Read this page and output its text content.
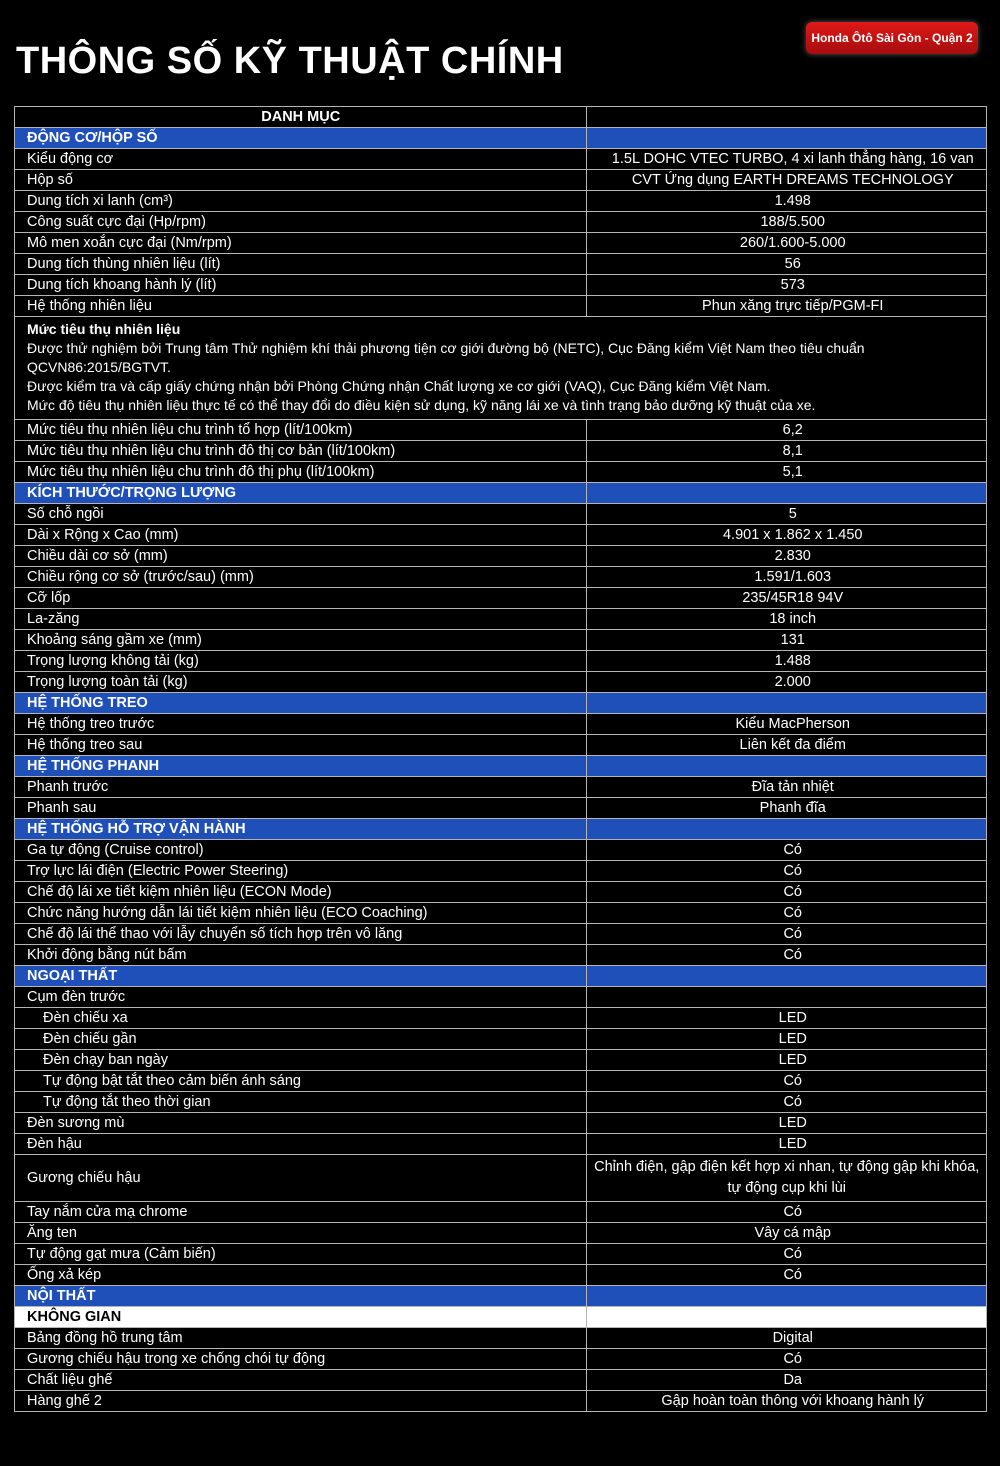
THÔNG SỐ KỸ THUẬT CHÍNH
Honda Ôtô Sài Gòn - Quận 2
DANH MỤC	
ĐỘNG CƠ/HỘP SỐ	
Kiểu động cơ	1.5L DOHC VTEC TURBO, 4 xi lanh thẳng hàng, 16 van
Hộp số	CVT Ứng dụng EARTH DREAMS TECHNOLOGY
Dung tích xi lanh (cm³)	1.498
Công suất cực đại (Hp/rpm)	188/5.500
Mô men xoắn cực đại (Nm/rpm)	260/1.600-5.000
Dung tích thùng nhiên liệu (lít)	56
Dung tích khoang hành lý (lít)	573
Hệ thống nhiên liệu	Phun xăng trực tiếp/PGM-FI

Mức tiêu thụ nhiên liệu
Được thử nghiệm bởi Trung tâm Thử nghiệm khí thải phương tiện cơ giới đường bộ (NETC), Cục Đăng kiểm Việt Nam theo tiêu chuẩn QCVN86:2015/BGTVT.
Được kiểm tra và cấp giấy chứng nhận bởi Phòng Chứng nhận Chất lượng xe cơ giới (VAQ), Cục Đăng kiểm Việt Nam.
Mức độ tiêu thụ nhiên liệu thực tế có thể thay đổi do điều kiện sử dụng, kỹ năng lái xe và tình trạng bảo dưỡng kỹ thuật của xe.	

Mức tiêu thụ nhiên liệu chu trình tổ hợp (lít/100km)	6,2
Mức tiêu thụ nhiên liệu chu trình đô thị cơ bản (lít/100km)	8,1
Mức tiêu thụ nhiên liệu chu trình đô thị phụ (lít/100km)	5,1
KÍCH THƯỚC/TRỌNG LƯỢNG	
Số chỗ ngồi	5
Dài x Rộng x Cao (mm)	4.901 x 1.862 x 1.450
Chiều dài cơ sở (mm)	2.830
Chiều rộng cơ sở (trước/sau) (mm)	1.591/1.603
Cỡ lốp	235/45R18 94V
La-zăng	18 inch
Khoảng sáng gầm xe (mm)	131
Trọng lượng không tải (kg)	1.488
Trọng lượng toàn tải (kg)	2.000
HỆ THỐNG TREO	
Hệ thống treo trước	Kiểu MacPherson
Hệ thống treo sau	Liên kết đa điểm
HỆ THỐNG PHANH	
Phanh trước	Đĩa tản nhiệt
Phanh sau	Phanh đĩa
HỆ THỐNG HỖ TRỢ VẬN HÀNH	
Ga tự động (Cruise control)	Có
Trợ lực lái điện (Electric Power Steering)	Có
Chế độ lái xe tiết kiệm nhiên liệu (ECON Mode)	Có
Chức năng hướng dẫn lái tiết kiệm nhiên liệu (ECO Coaching)	Có
Chế độ lái thể thao với lẫy chuyển số tích hợp trên vô lăng	Có
Khởi động bằng nút bấm	Có
NGOẠI THẤT	
Cụm đèn trước	
Đèn chiếu xa	LED
Đèn chiếu gần	LED
Đèn chạy ban ngày	LED
Tự động bật tắt theo cảm biến ánh sáng	Có
Tự động tắt theo thời gian	Có
Đèn sương mù	LED
Đèn hậu	LED
Gương chiếu hậu	Chỉnh điện, gập điện kết hợp xi nhan, tự động gập khi khóa, tự động cụp khi lùi
Tay nắm cửa mạ chrome	Có
Ăng ten	Vây cá mập
Tự động gạt mưa (Cảm biến)	Có
Ống xả kép	Có
NỘI THẤT	
KHÔNG GIAN	
Bảng đồng hồ trung tâm	Digital
Gương chiếu hậu trong xe chống chói tự động	Có
Chất liệu ghế	Da
Hàng ghế 2	Gập hoàn toàn thông với khoang hành lý
